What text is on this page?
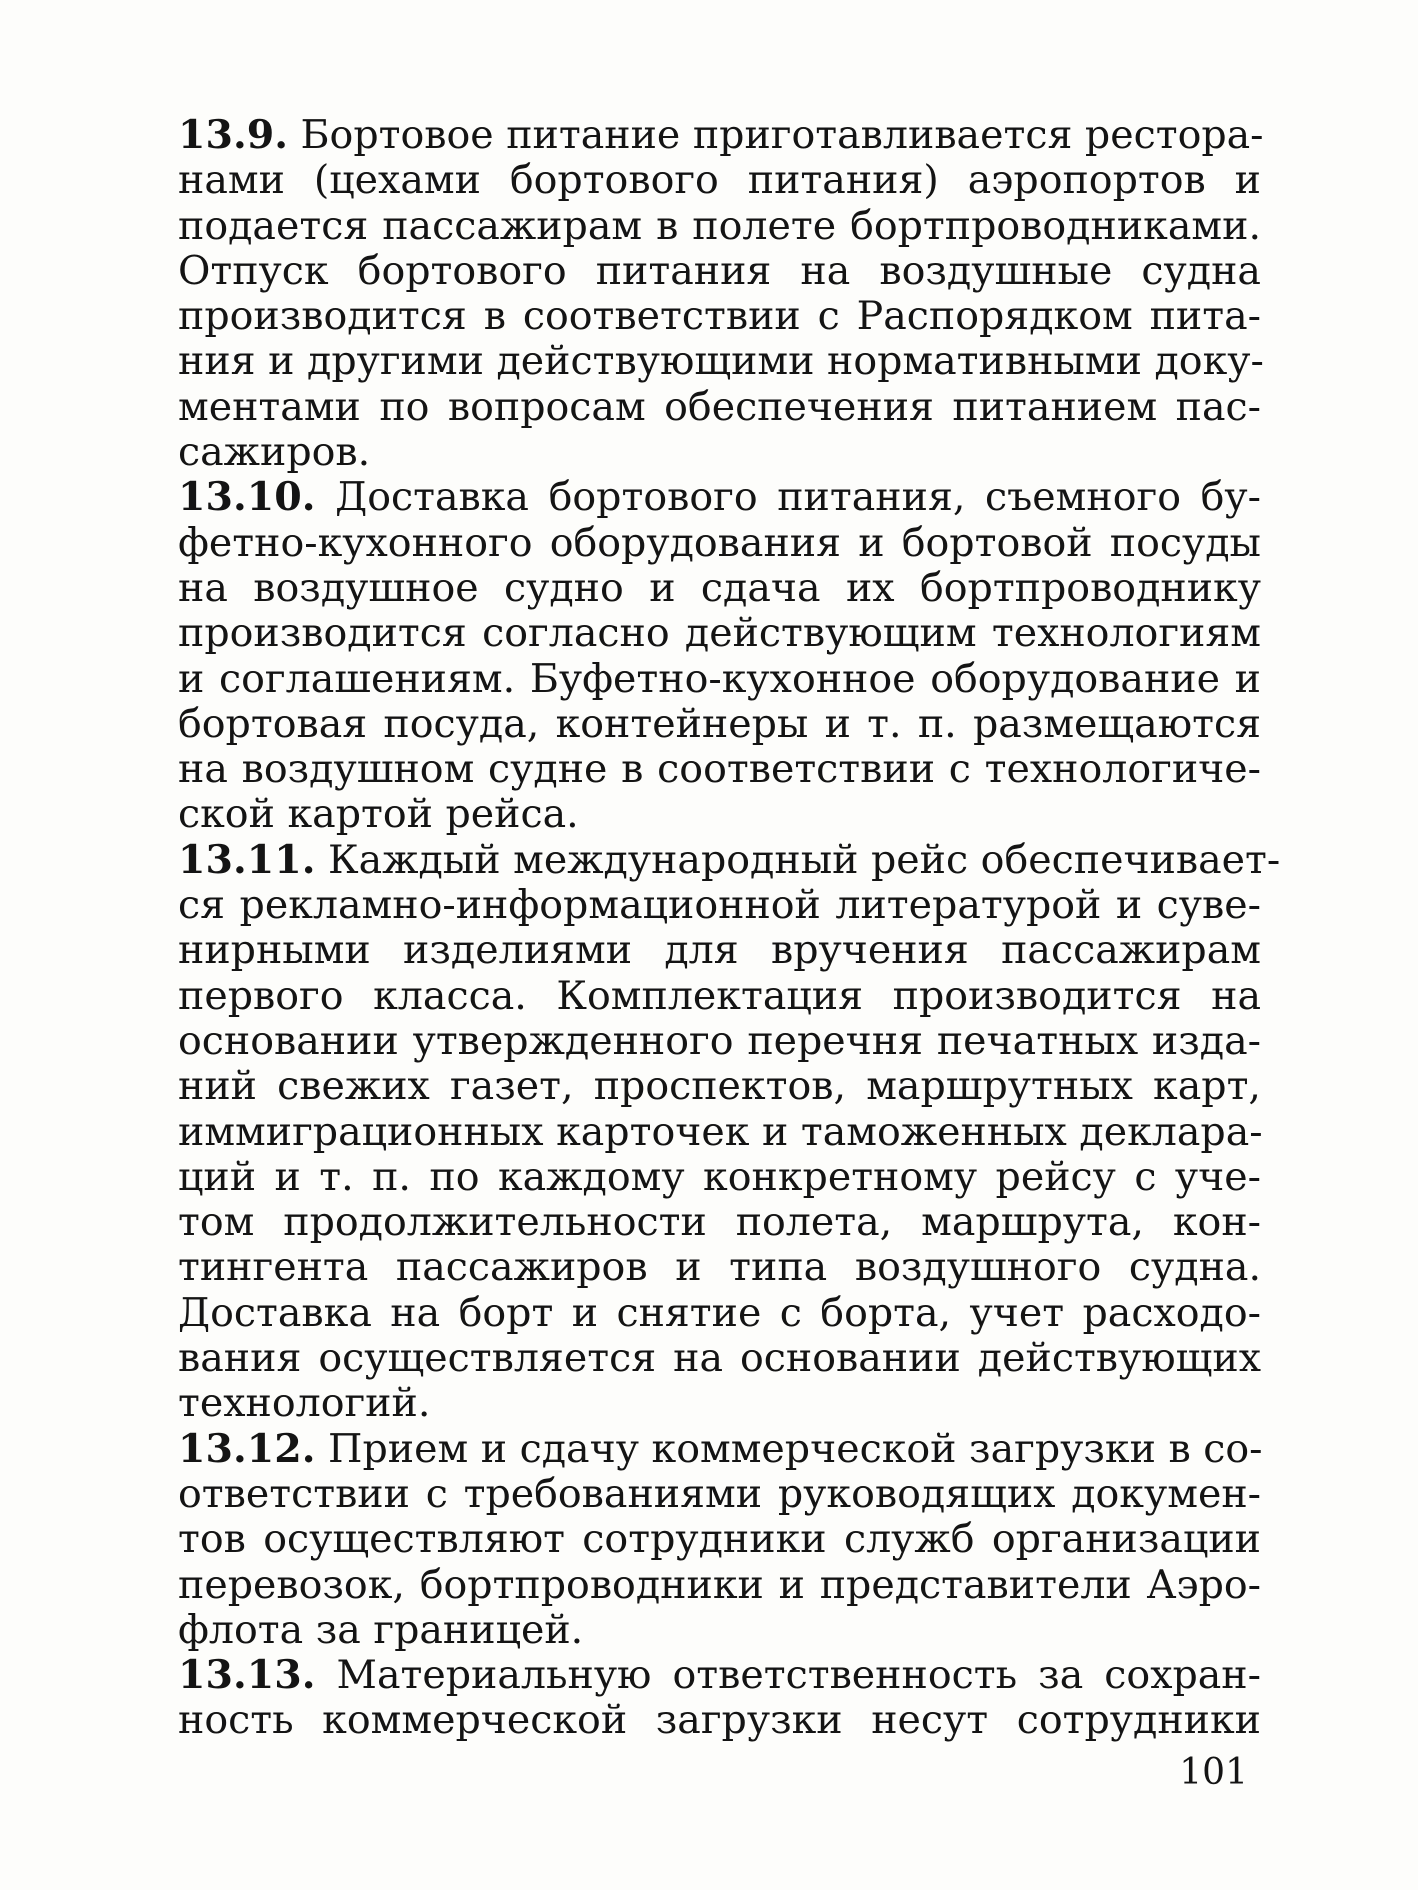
13.9. Бортовое питание приготавливается рестора-
нами (цехами бортового питания) аэропортов и
подается пассажирам в полете бортпроводниками.
Отпуск бортового питания на воздушные судна
производится в соответствии с Распорядком пита-
ния и другими действующими нормативными доку-
ментами по вопросам обеспечения питанием пас-
сажиров.
13.10. Доставка бортового питания, съемного бу-
фетно-кухонного оборудования и бортовой посуды
на воздушное судно и сдача их бортпроводнику
производится согласно действующим технологиям
и соглашениям. Буфетно-кухонное оборудование и
бортовая посуда, контейнеры и т. п. размещаются
на воздушном судне в соответствии с технологиче-
ской картой рейса.
13.11. Каждый международный рейс обеспечивает-
ся рекламно-информационной литературой и суве-
нирными изделиями для вручения пассажирам
первого класса. Комплектация производится на
основании утвержденного перечня печатных изда-
ний свежих газет, проспектов, маршрутных карт,
иммиграционных карточек и таможенных деклара-
ций и т. п. по каждому конкретному рейсу с уче-
том продолжительности полета, маршрута, кон-
тингента пассажиров и типа воздушного судна.
Доставка на борт и снятие с борта, учет расходо-
вания осуществляется на основании действующих
технологий.
13.12. Прием и сдачу коммерческой загрузки в со-
ответствии с требованиями руководящих докумен-
тов осуществляют сотрудники служб организации
перевозок, бортпроводники и представители Аэро-
флота за границей.
13.13. Материальную ответственность за сохран-
ность коммерческой загрузки несут сотрудники
101
